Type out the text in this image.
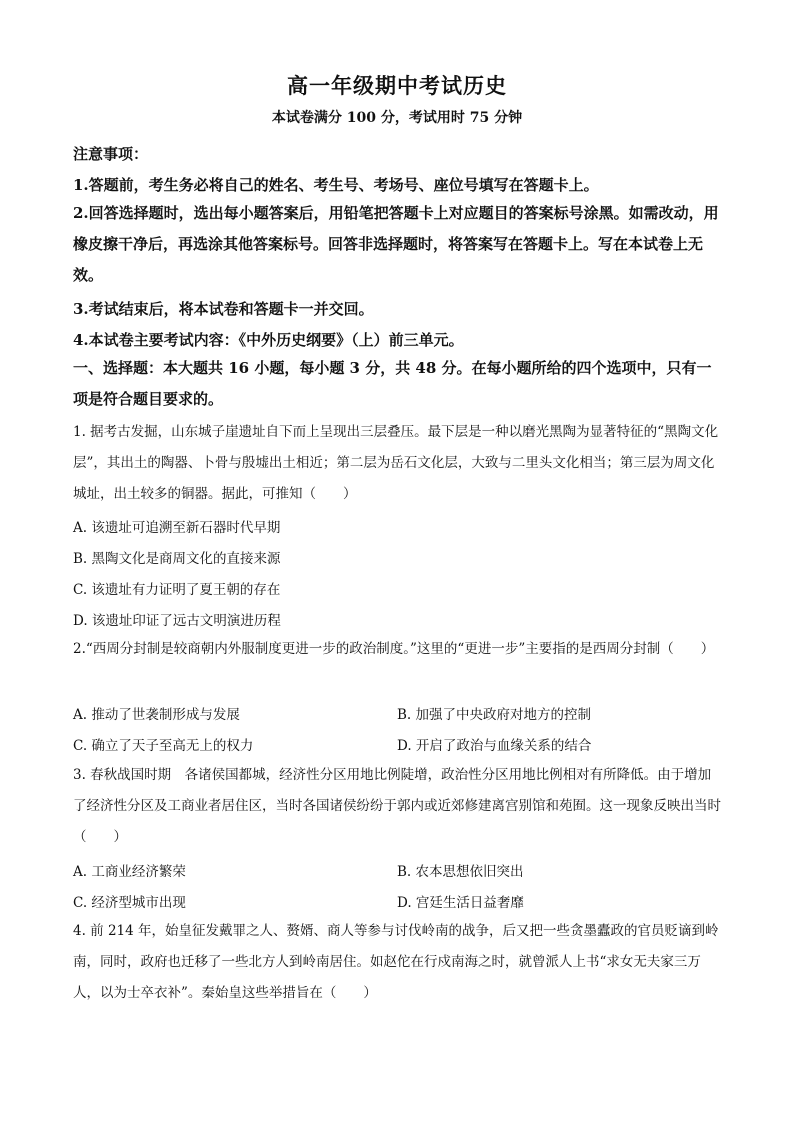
高一年级期中考试历史
本试卷满分 100 分，考试用时 75 分钟
注意事项：
1.答题前，考生务必将自己的姓名、考生号、考场号、座位号填写在答题卡上。
2.回答选择题时，选出每小题答案后，用铅笔把答题卡上对应题目的答案标号涂黑。如需改动，用橡皮擦干净后，再选涂其他答案标号。回答非选择题时，将答案写在答题卡上。写在本试卷上无效。
3.考试结束后，将本试卷和答题卡一并交回。
4.本试卷主要考试内容：《中外历史纲要》（上）前三单元。
一、选择题：本大题共 16 小题，每小题 3 分，共 48 分。在每小题所给的四个选项中，只有一项是符合题目要求的。
1. 据考古发掘，山东城子崖遗址自下而上呈现出三层叠压。最下层是一种以磨光黑陶为显著特征的“黑陶文化层”，其出土的陶器、卜骨与殷墟出土相近；第二层为岳石文化层，大致与二里头文化相当；第三层为周文化城址，出土较多的铜器。据此，可推知（　　）
A. 该遗址可追溯至新石器时代早期
B. 黑陶文化是商周文化的直接来源
C. 该遗址有力证明了夏王朝的存在
D. 该遗址印证了远古文明演进历程
2.“西周分封制是较商朝内外服制度更进一步的政治制度。”这里的“更进一步”主要指的是西周分封制（　　）
A. 推动了世袭制形成与发展	B. 加强了中央政府对地方的控制
C. 确立了天子至高无上的权力	D. 开启了政治与血缘关系的结合
3. 春秋战国时期　各诸侯国都城，经济性分区用地比例陡增，政治性分区用地比例相对有所降低。由于增加了经济性分区及工商业者居住区，当时各国诸侯纷纷于郭内或近郊修建离宫别馆和苑囿。这一现象反映出当时（　　）
A. 工商业经济繁荣	B. 农本思想依旧突出
C. 经济型城市出现	D. 宫廷生活日益奢靡
4. 前 214 年，始皇征发戴罪之人、赘婿、商人等参与讨伐岭南的战争，后又把一些贪墨蠹政的官员贬谪到岭南，同时，政府也迁移了一些北方人到岭南居住。如赵佗在行戍南海之时，就曾派人上书“求女无夫家三万人，以为士卒衣补”。秦始皇这些举措旨在（　　）
